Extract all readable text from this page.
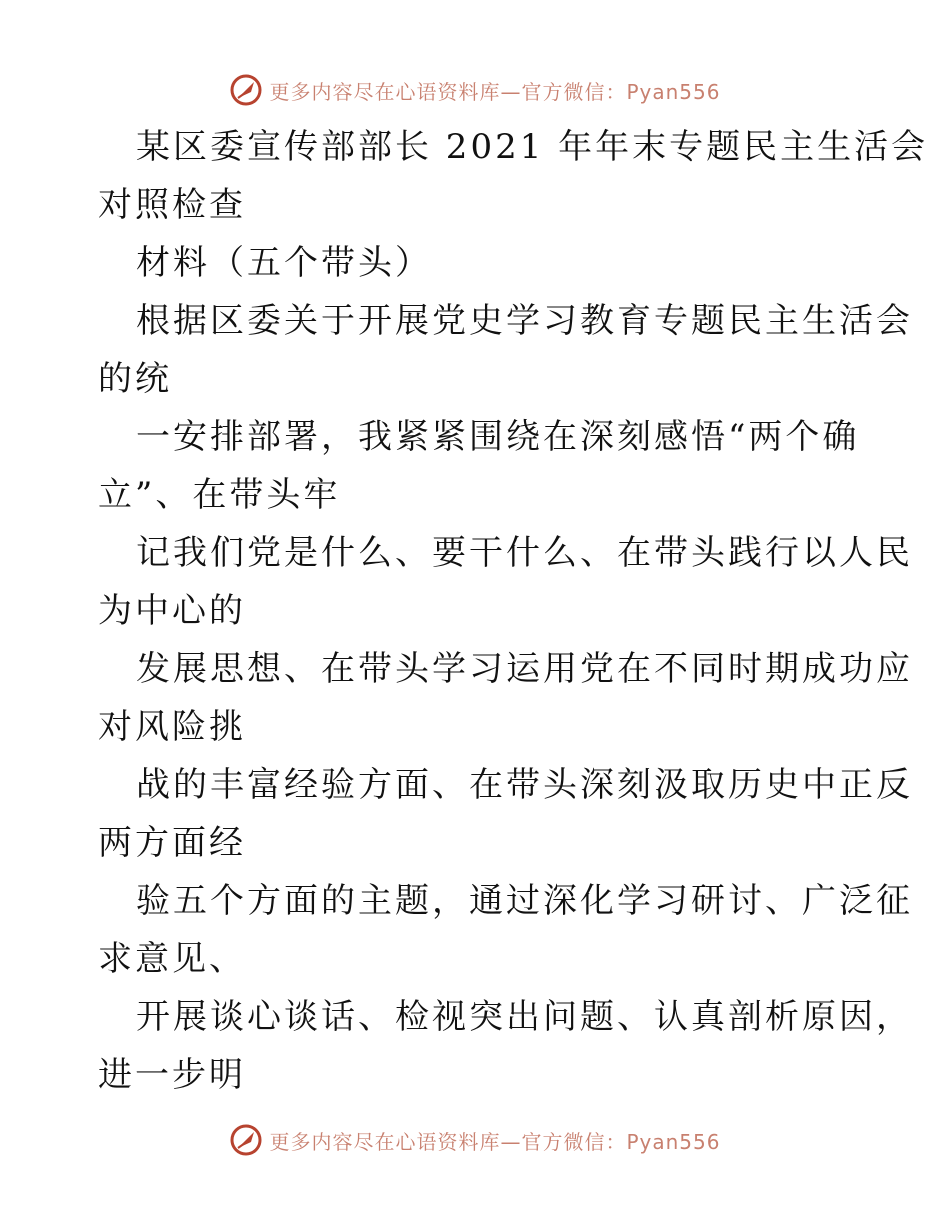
更多内容尽在心语资料库—官方微信：Pyan556
某区委宣传部部长 2021 年年末专题民主生活会
对照检查
材料（五个带头）
根据区委关于开展党史学习教育专题民主生活会
的统
一安排部署，我紧紧围绕在深刻感悟“两个确
立”、在带头牢
记我们党是什么、要干什么、在带头践行以人民
为中心的
发展思想、在带头学习运用党在不同时期成功应
对风险挑
战的丰富经验方面、在带头深刻汲取历史中正反
两方面经
验五个方面的主题，通过深化学习研讨、广泛征
求意见、
开展谈心谈话、检视突出问题、认真剖析原因，
进一步明
更多内容尽在心语资料库—官方微信：Pyan556
